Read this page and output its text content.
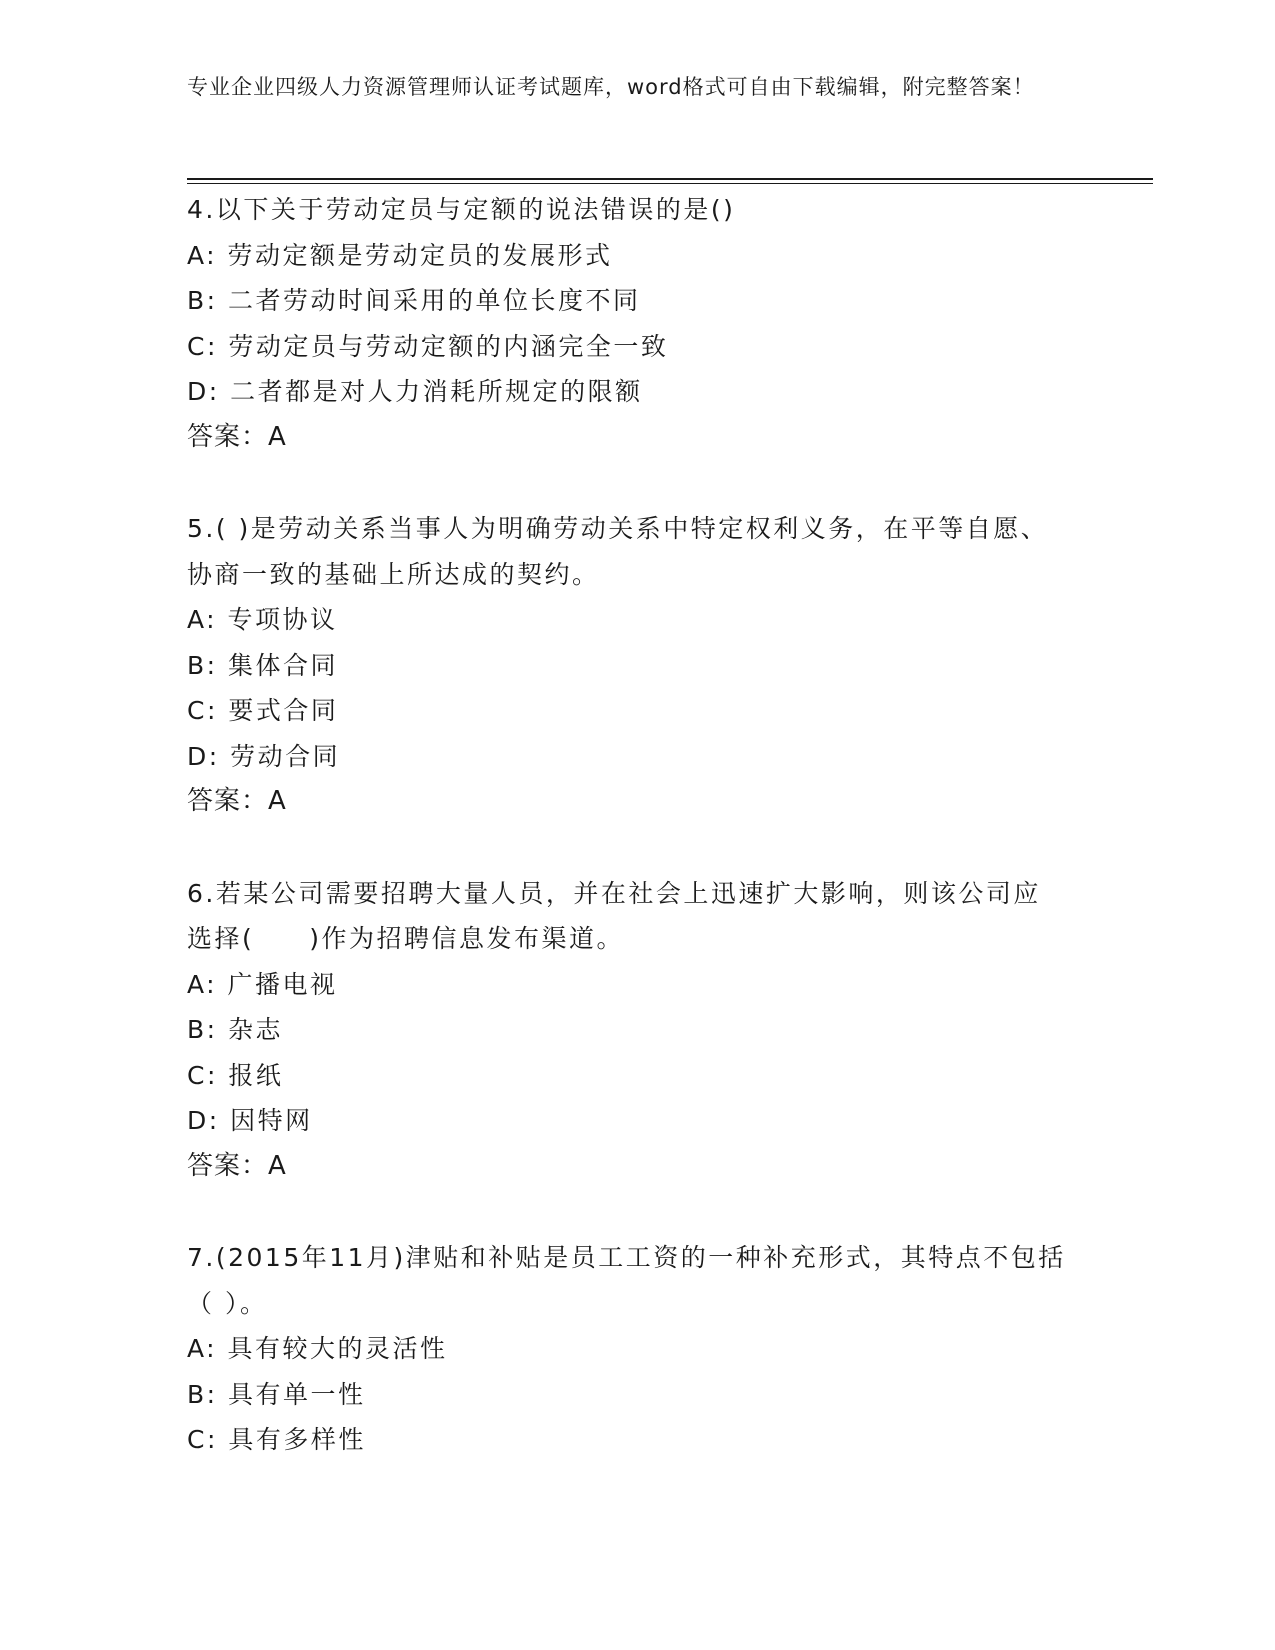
专业企业四级人力资源管理师认证考试题库，word格式可自由下载编辑，附完整答案！
4.以下关于劳动定员与定额的说法错误的是()
A: 劳动定额是劳动定员的发展形式
B: 二者劳动时间采用的单位长度不同
C: 劳动定员与劳动定额的内涵完全一致
D: 二者都是对人力消耗所规定的限额
答案：A
5.( )是劳动关系当事人为明确劳动关系中特定权利义务，在平等自愿、协商一致的基础上所达成的契约。
A: 专项协议
B: 集体合同
C: 要式合同
D: 劳动合同
答案：A
6.若某公司需要招聘大量人员，并在社会上迅速扩大影响，则该公司应选择(　　)作为招聘信息发布渠道。
A: 广播电视
B: 杂志
C: 报纸
D: 因特网
答案：A
7.(2015年11月)津贴和补贴是员工工资的一种补充形式，其特点不包括（ ）。
A: 具有较大的灵活性
B: 具有单一性
C: 具有多样性
